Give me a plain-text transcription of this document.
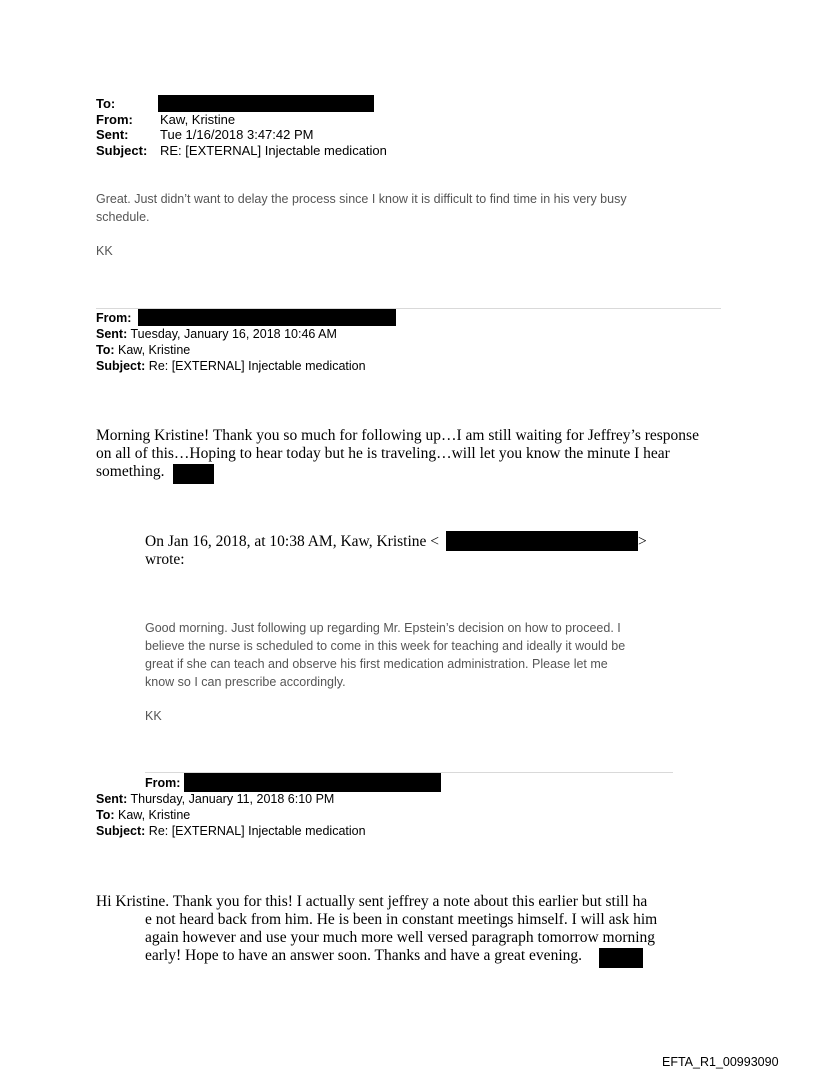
To:
From: Kaw, Kristine
Sent: Tue 1/16/2018 3:47:42 PM
Subject: RE: [EXTERNAL] Injectable medication
Great. Just didn’t want to delay the process since I know it is difficult to find time in his very busy
schedule.
KK
From:
Sent: Tuesday, January 16, 2018 10:46 AM
To: Kaw, Kristine
Subject: Re: [EXTERNAL] Injectable medication
Morning Kristine! Thank you so much for following up…I am still waiting for Jeffrey’s response
on all of this…Hoping to hear today but he is traveling…will let you know the minute I hear
something.
On Jan 16, 2018, at 10:38 AM, Kaw, Kristine <	>
wrote:
Good morning. Just following up regarding Mr. Epstein’s decision on how to proceed. I
believe the nurse is scheduled to come in this week for teaching and ideally it would be
great if she can teach and observe his first medication administration. Please let me
know so I can prescribe accordingly.
KK
From:
Sent: Thursday, January 11, 2018 6:10 PM
To: Kaw, Kristine
Subject: Re: [EXTERNAL] Injectable medication
Hi Kristine. Thank you for this! I actually sent jeffrey a note about this earlier but still ha
e not heard back from him. He is been in constant meetings himself. I will ask him
again however and use your much more well versed paragraph tomorrow morning
early! Hope to have an answer soon. Thanks and have a great evening.
EFTA_R1_00993090
